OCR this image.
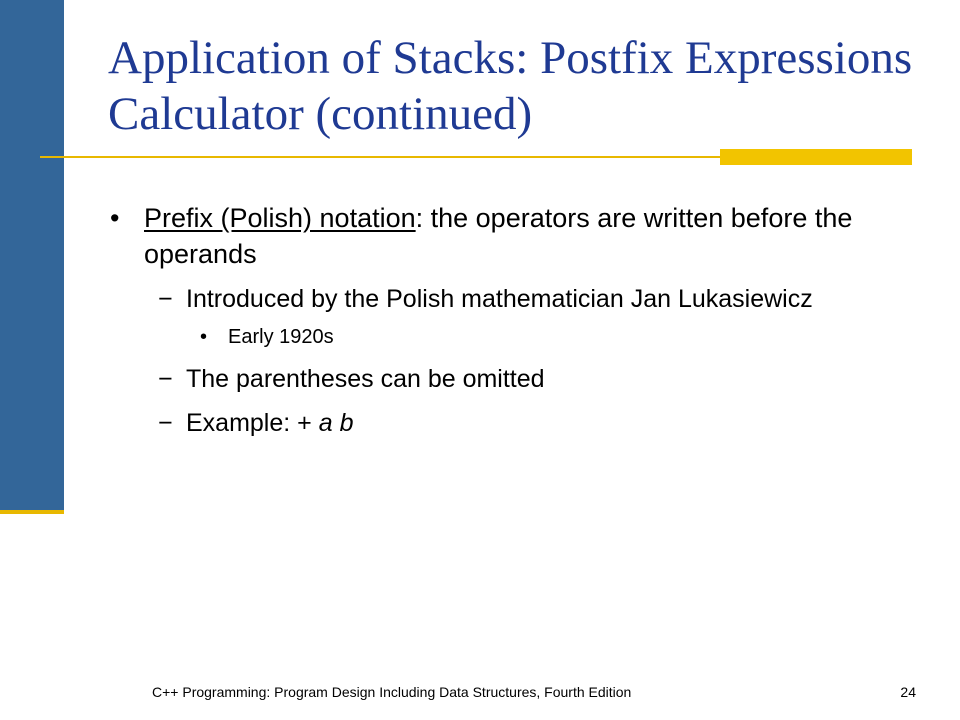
Application of Stacks: Postfix Expressions Calculator (continued)
• Prefix (Polish) notation: the operators are written before the operands
− Introduced by the Polish mathematician Jan Lukasiewicz
• Early 1920s
− The parentheses can be omitted
− Example: + a b
C++ Programming: Program Design Including Data Structures, Fourth Edition	24
